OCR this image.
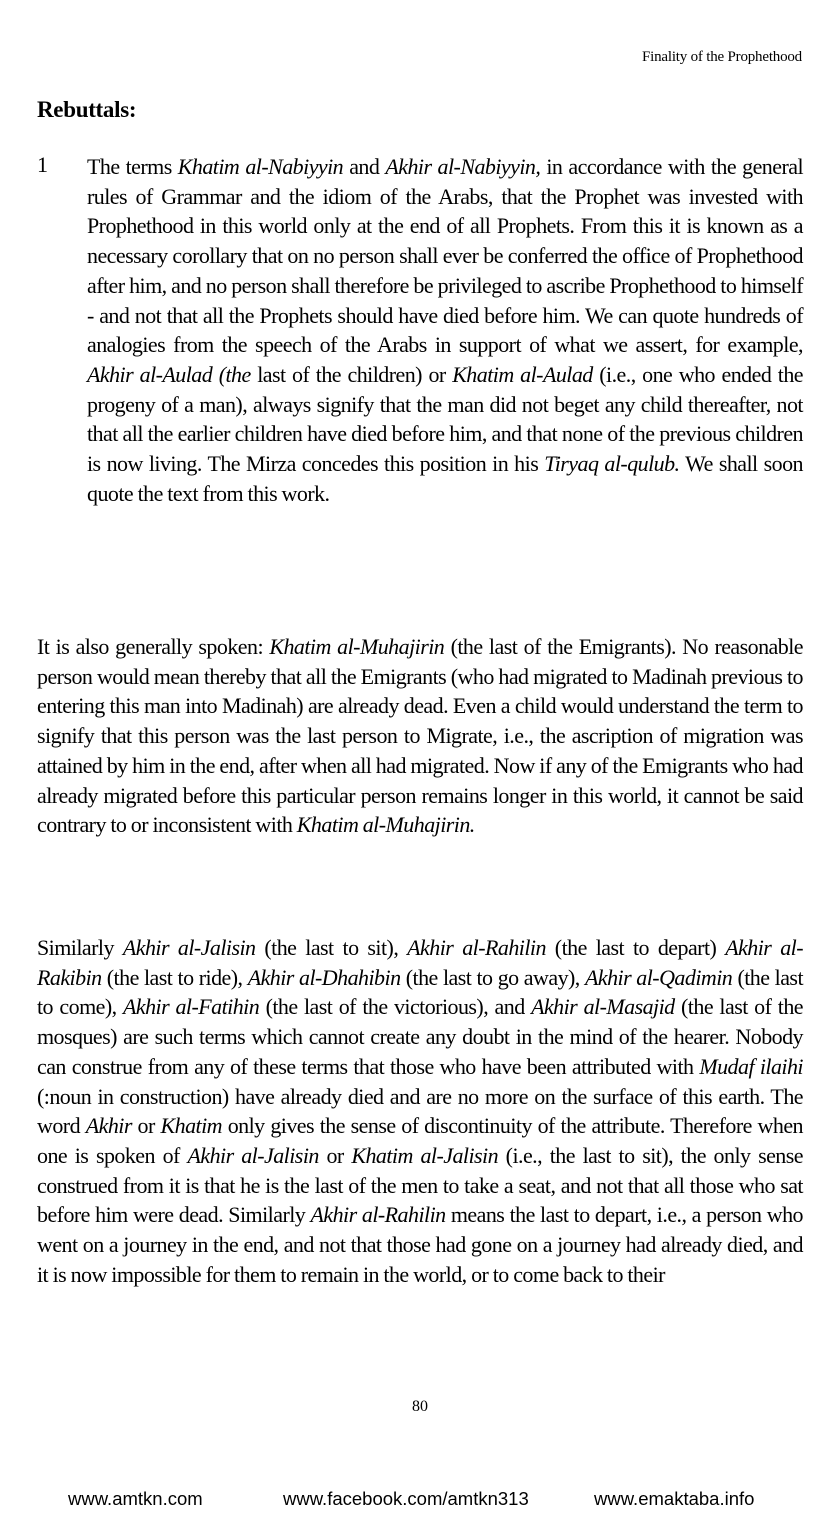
Finality of the Prophethood
Rebuttals:
1 The terms Khatim al-Nabiyyin and Akhir al-Nabiyyin, in accordance with the general rules of Grammar and the idiom of the Arabs, that the Prophet was invested with Prophethood in this world only at the end of all Prophets. From this it is known as a necessary corollary that on no person shall ever be conferred the office of Prophethood after him, and no person shall therefore be privileged to ascribe Prophethood to himself - and not that all the Prophets should have died before him. We can quote hundreds of analogies from the speech of the Arabs in support of what we assert, for example, Akhir al-Aulad (the last of the children) or Khatim al-Aulad (i.e., one who ended the progeny of a man), always signify that the man did not beget any child thereafter, not that all the earlier children have died before him, and that none of the previous children is now living. The Mirza concedes this position in his Tiryaq al-qulub. We shall soon quote the text from this work.

It is also generally spoken: Khatim al-Muhajirin (the last of the Emigrants). No reasonable person would mean thereby that all the Emigrants (who had migrated to Madinah previous to entering this man into Madinah) are already dead. Even a child would understand the term to signify that this person was the last person to Migrate, i.e., the ascription of migration was attained by him in the end, after when all had migrated. Now if any of the Emigrants who had already migrated before this particular person remains longer in this world, it cannot be said contrary to or inconsistent with Khatim al-Muhajirin.

Similarly Akhir al-Jalisin (the last to sit), Akhir al-Rahilin (the last to depart) Akhir al-Rakibin (the last to ride), Akhir al-Dhahibin (the last to go away), Akhir al-Qadimin (the last to come), Akhir al-Fatihin (the last of the victorious), and Akhir al-Masajid (the last of the mosques) are such terms which cannot create any doubt in the mind of the hearer. Nobody can construe from any of these terms that those who have been attributed with Mudaf ilaihi (:noun in construction) have already died and are no more on the surface of this earth. The word Akhir or Khatim only gives the sense of discontinuity of the attribute. Therefore when one is spoken of Akhir al-Jalisin or Khatim al-Jalisin (i.e., the last to sit), the only sense construed from it is that he is the last of the men to take a seat, and not that all those who sat before him were dead. Similarly Akhir al-Rahilin means the last to depart, i.e., a person who went on a journey in the end, and not that those had gone on a journey had already died, and it is now impossible for them to remain in the world, or to come back to their

80
www.amtkn.com	www.facebook.com/amtkn313	www.emaktaba.info
